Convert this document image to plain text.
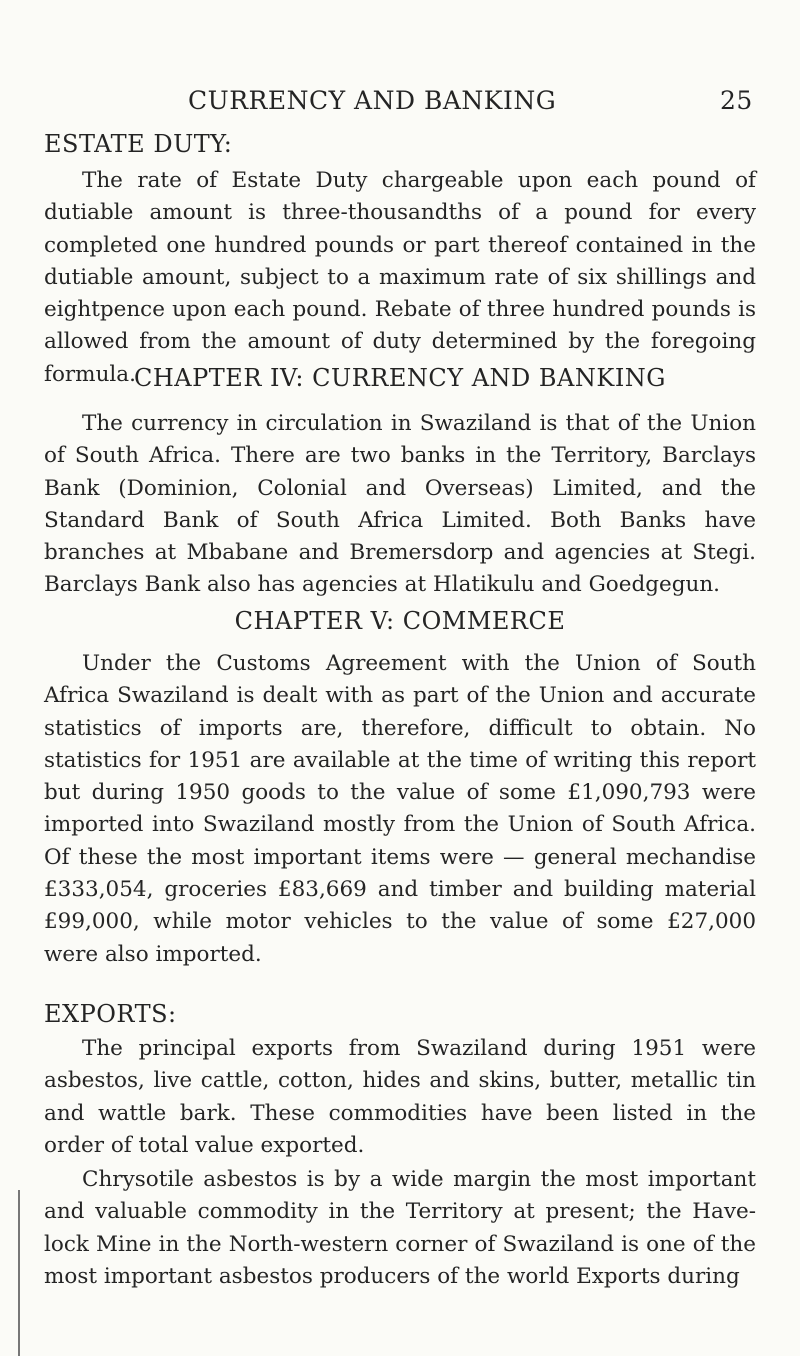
CURRENCY AND BANKING	25
ESTATE DUTY:

The rate of Estate Duty chargeable upon each pound of dutiable amount is three-thousandths of a pound for every completed one hundred pounds or part thereof contained in the dutiable amount, subject to a maximum rate of six shillings and eightpence upon each pound. Rebate of three hundred pounds is allowed from the amount of duty determined by the foregoing formula.

CHAPTER IV: CURRENCY AND BANKING

The currency in circulation in Swaziland is that of the Union of South Africa. There are two banks in the Territory, Barclays Bank (Dominion, Colonial and Overseas) Limited, and the Standard Bank of South Africa Limited. Both Banks have branches at Mbabane and Bremersdorp and agencies at Stegi. Barclays Bank also has agencies at Hlatikulu and Goedgegun.

CHAPTER V: COMMERCE

Under the Customs Agreement with the Union of South Africa Swaziland is dealt with as part of the Union and accurate statistics of imports are, therefore, difficult to obtain. No statistics for 1951 are available at the time of writing this report but during 1950 goods to the value of some £1,090,793 were imported into Swaziland mostly from the Union of South Africa. Of these the most important items were — general mechandise £333,054, groceries £83,669 and timber and building material £99,000, while motor vehicles to the value of some £27,000 were also imported.

EXPORTS:

The principal exports from Swaziland during 1951 were asbestos, live cattle, cotton, hides and skins, butter, metallic tin and wattle bark. These commodities have been listed in the order of total value exported.

Chrysotile asbestos is by a wide margin the most important and valuable commodity in the Territory at present; the Have-lock Mine in the North-western corner of Swaziland is one of the most important asbestos producers of the world Exports during
